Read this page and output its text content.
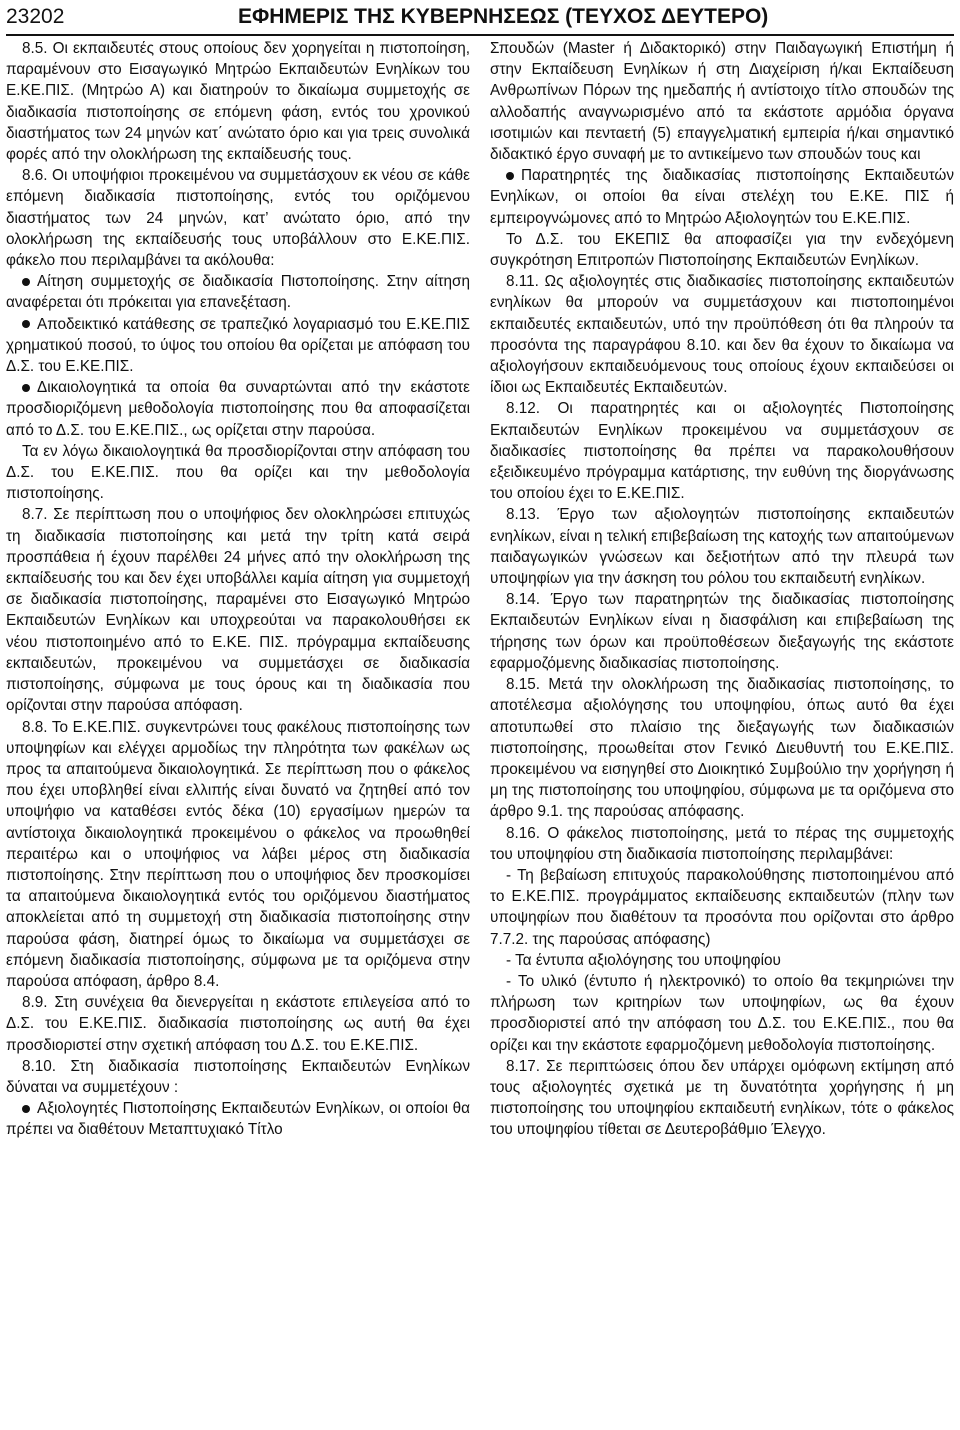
23202	ΕΦΗΜΕΡΙΣ ΤΗΣ ΚΥΒΕΡΝΗΣΕΩΣ (ΤΕΥΧΟΣ ΔΕΥΤΕΡΟ)

8.5. Οι εκπαιδευτές στους οποίους δεν χορηγείται η πιστοποίηση, παραμένουν στο Εισαγωγικό Μητρώο Εκπαιδευτών Ενηλίκων του Ε.ΚΕ.ΠΙΣ. (Μητρώο Α) και διατηρούν το δικαίωμα συμμετοχής σε διαδικασία πιστοποίησης σε επόμενη φάση, εντός του χρονικού διαστήματος των 24 μηνών κατ΄ ανώτατο όριο και για τρεις συνολικά φορές από την ολοκλήρωση της εκπαίδευσής τους.

8.6. Οι υποψήφιοι προκειμένου να συμμετάσχουν εκ νέου σε κάθε επόμενη διαδικασία πιστοποίησης, εντός του οριζόμενου διαστήματος των 24 μηνών, κατ’ ανώτατο όριο, από την ολοκλήρωση της εκπαίδευσής τους υποβάλλουν στο Ε.ΚΕ.ΠΙΣ. φάκελο που περιλαμβάνει τα ακόλουθα:

Αίτηση συμμετοχής σε διαδικασία Πιστοποίησης. Στην αίτηση αναφέρεται ότι πρόκειται για επανεξέταση.

Αποδεικτικό κατάθεσης σε τραπεζικό λογαριασμό του Ε.ΚΕ.ΠΙΣ χρηματικού ποσού, το ύψος του οποίου θα ορίζεται με απόφαση του Δ.Σ. του Ε.ΚΕ.ΠΙΣ.

Δικαιολογητικά τα οποία θα συναρτώνται από την εκάστοτε προσδιοριζόμενη μεθοδολογία πιστοποίησης που θα αποφασίζεται από το Δ.Σ. του Ε.ΚΕ.ΠΙΣ., ως ορίζεται στην παρούσα.

Τα εν λόγω δικαιολογητικά θα προσδιορίζονται στην απόφαση του Δ.Σ. του Ε.ΚΕ.ΠΙΣ. που θα ορίζει και την μεθοδολογία πιστοποίησης.

8.7. Σε περίπτωση που ο υποψήφιος δεν ολοκληρώσει επιτυχώς τη διαδικασία πιστοποίησης και μετά την τρίτη κατά σειρά προσπάθεια ή έχουν παρέλθει 24 μήνες από την ολοκλήρωση της εκπαίδευσής του και δεν έχει υποβάλλει καμία αίτηση για συμμετοχή σε διαδικασία πιστοποίησης, παραμένει στο Εισαγωγικό Μητρώο Εκπαιδευτών Ενηλίκων και υποχρεούται να παρακολουθήσει εκ νέου πιστοποιημένο από το Ε.ΚΕ. ΠΙΣ. πρόγραμμα εκπαίδευσης εκπαιδευτών, προκειμένου να συμμετάσχει σε διαδικασία πιστοποίησης, σύμφωνα με τους όρους και τη διαδικασία που ορίζονται στην παρούσα απόφαση.

8.8. Το Ε.ΚΕ.ΠΙΣ. συγκεντρώνει τους φακέλους πιστοποίησης των υποψηφίων και ελέγχει αρμοδίως την πληρότητα των φακέλων ως προς τα απαιτούμενα δικαιολογητικά. Σε περίπτωση που ο φάκελος που έχει υποβληθεί είναι ελλιπής είναι δυνατό να ζητηθεί από τον υποψήφιο να καταθέσει εντός δέκα (10) εργασίμων ημερών τα αντίστοιχα δικαιολογητικά προκειμένου ο φάκελος να προωθηθεί περαιτέρω και ο υποψήφιος να λάβει μέρος στη διαδικασία πιστοποίησης. Στην περίπτωση που ο υποψήφιος δεν προσκομίσει τα απαιτούμενα δικαιολογητικά εντός του οριζόμενου διαστήματος αποκλείεται από τη συμμετοχή στη διαδικασία πιστοποίησης στην παρούσα φάση, διατηρεί όμως το δικαίωμα να συμμετάσχει σε επόμενη διαδικασία πιστοποίησης, σύμφωνα με τα οριζόμενα στην παρούσα απόφαση, άρθρο 8.4.

8.9. Στη συνέχεια θα διενεργείται η εκάστοτε επιλεγείσα από το Δ.Σ. του Ε.ΚΕ.ΠΙΣ. διαδικασία πιστοποίησης ως αυτή θα έχει προσδιοριστεί στην σχετική απόφαση του Δ.Σ. του Ε.ΚΕ.ΠΙΣ.

8.10. Στη διαδικασία πιστοποίησης Εκπαιδευτών Ενηλίκων δύναται να συμμετέχουν :

Αξιολογητές Πιστοποίησης Εκπαιδευτών Ενηλίκων, οι οποίοι θα πρέπει να διαθέτουν Μεταπτυχιακό Τίτλο

Σπουδών (Master ή Διδακτορικό) στην Παιδαγωγική Επιστήμη ή στην Εκπαίδευση Ενηλίκων ή στη Διαχείριση ή/και Εκπαίδευση Ανθρωπίνων Πόρων της ημεδαπής ή αντίστοιχο τίτλο σπουδών της αλλοδαπής αναγνωρισμένο από τα εκάστοτε αρμόδια όργανα ισοτιμιών και πενταετή (5) επαγγελματική εμπειρία ή/και σημαντικό διδακτικό έργο συναφή με το αντικείμενο των σπουδών τους και

Παρατηρητές της διαδικασίας πιστοποίησης Εκπαιδευτών Ενηλίκων, οι οποίοι θα είναι στελέχη του Ε.ΚΕ. ΠΙΣ ή εμπειρογνώμονες από το Μητρώο Αξιολογητών του Ε.ΚΕ.ΠΙΣ.

Το Δ.Σ. του ΕΚΕΠΙΣ θα αποφασίζει για την ενδεχόμενη συγκρότηση Επιτροπών Πιστοποίησης Εκπαιδευτών Ενηλίκων.

8.11. Ως αξιολογητές στις διαδικασίες πιστοποίησης εκπαιδευτών ενηλίκων θα μπορούν να συμμετάσχουν και πιστοποιημένοι εκπαιδευτές εκπαιδευτών, υπό την προϋπόθεση ότι θα πληρούν τα προσόντα της παραγράφου 8.10. και δεν θα έχουν το δικαίωμα να αξιολογήσουν εκπαιδευόμενους τους οποίους έχουν εκπαιδεύσει οι ίδιοι ως Εκπαιδευτές Εκπαιδευτών.

8.12. Οι παρατηρητές και οι αξιολογητές Πιστοποίησης Εκπαιδευτών Ενηλίκων προκειμένου να συμμετάσχουν σε διαδικασίες πιστοποίησης θα πρέπει να παρακολουθήσουν εξειδικευμένο πρόγραμμα κατάρτισης, την ευθύνη της διοργάνωσης του οποίου έχει το Ε.ΚΕ.ΠΙΣ.

8.13. Έργο των αξιολογητών πιστοποίησης εκπαιδευτών ενηλίκων, είναι η τελική επιβεβαίωση της κατοχής των απαιτούμενων παιδαγωγικών γνώσεων και δεξιοτήτων από την πλευρά των υποψηφίων για την άσκηση του ρόλου του εκπαιδευτή ενηλίκων.

8.14. Έργο των παρατηρητών της διαδικασίας πιστοποίησης Εκπαιδευτών Ενηλίκων είναι η διασφάλιση και επιβεβαίωση της τήρησης των όρων και προϋποθέσεων διεξαγωγής της εκάστοτε εφαρμοζόμενης διαδικασίας πιστοποίησης.

8.15. Μετά την ολοκλήρωση της διαδικασίας πιστοποίησης, το αποτέλεσμα αξιολόγησης του υποψηφίου, όπως αυτό θα έχει αποτυπωθεί στο πλαίσιο της διεξαγωγής των διαδικασιών πιστοποίησης, προωθείται στον Γενικό Διευθυντή του Ε.ΚΕ.ΠΙΣ. προκειμένου να εισηγηθεί στο Διοικητικό Συμβούλιο την χορήγηση ή μη της πιστοποίησης του υποψηφίου, σύμφωνα με τα οριζόμενα στο άρθρο 9.1. της παρούσας απόφασης.

8.16. Ο φάκελος πιστοποίησης, μετά το πέρας της συμμετοχής του υποψηφίου στη διαδικασία πιστοποίησης περιλαμβάνει:

- Τη βεβαίωση επιτυχούς παρακολούθησης πιστοποιημένου από το Ε.ΚΕ.ΠΙΣ. προγράμματος εκπαίδευσης εκπαιδευτών (πλην των υποψηφίων που διαθέτουν τα προσόντα που ορίζονται στο άρθρο 7.7.2. της παρούσας απόφασης)

- Τα έντυπα αξιολόγησης του υποψηφίου

- Το υλικό (έντυπο ή ηλεκτρονικό) το οποίο θα τεκμηριώνει την πλήρωση των κριτηρίων των υποψηφίων, ως θα έχουν προσδιοριστεί από την απόφαση του Δ.Σ. του Ε.ΚΕ.ΠΙΣ., που θα ορίζει και την εκάστοτε εφαρμοζόμενη μεθοδολογία πιστοποίησης.

8.17. Σε περιπτώσεις όπου δεν υπάρχει ομόφωνη εκτίμηση από τους αξιολογητές σχετικά με τη δυνατότητα χορήγησης ή μη πιστοποίησης του υποψηφίου εκπαιδευτή ενηλίκων, τότε ο φάκελος του υποψηφίου τίθεται σε Δευτεροβάθμιο Έλεγχο.
